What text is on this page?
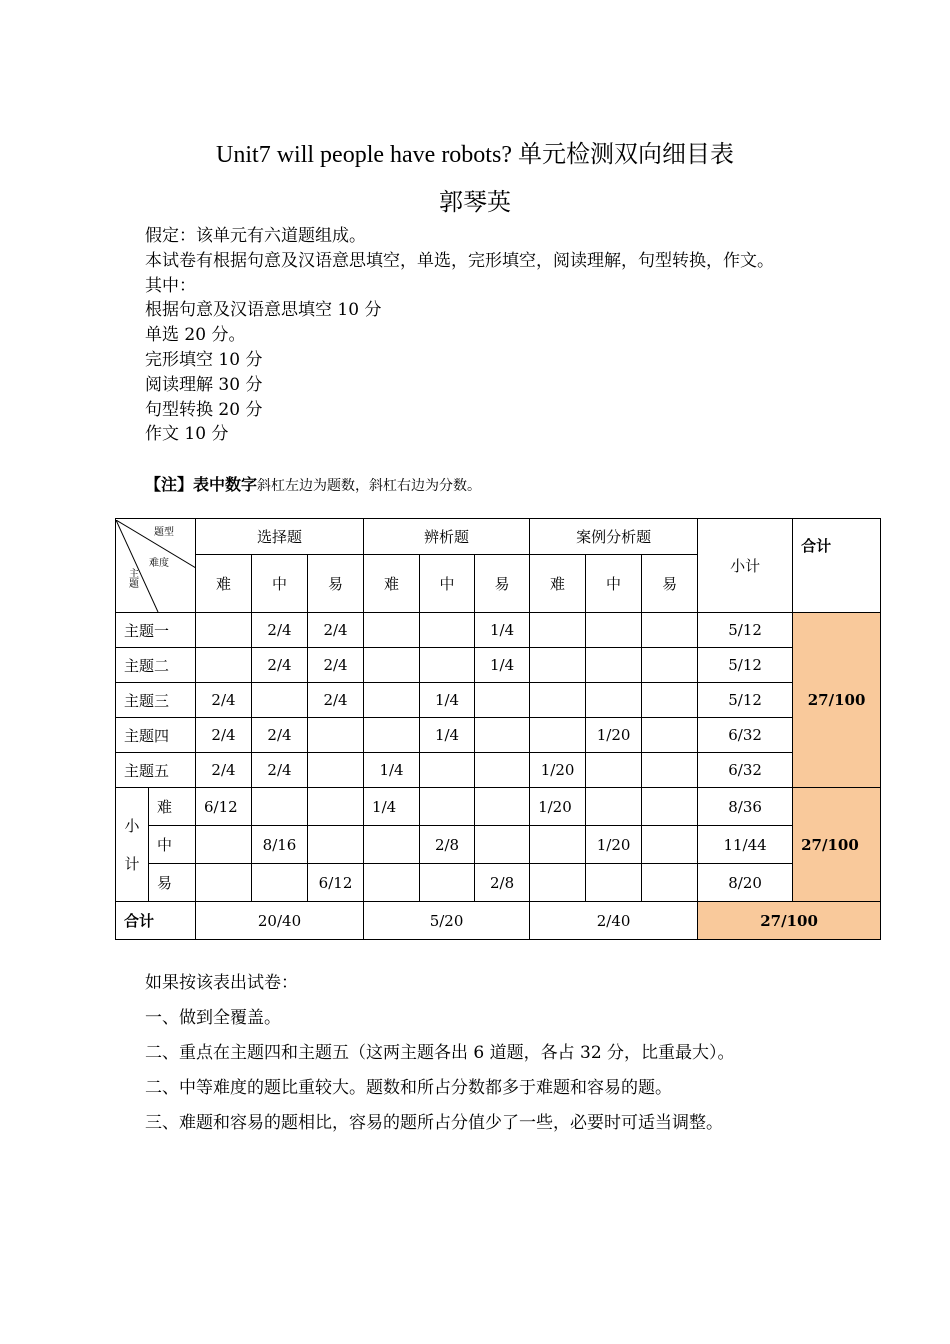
Unit7 will people have robots? 单元检测双向细目表
郭琴英
假定：该单元有六道题组成。
本试卷有根据句意及汉语意思填空，单选，完形填空，阅读理解，句型转换，作文。
其中：
根据句意及汉语意思填空 10 分
单选 20 分。
完形填空 10 分
阅读理解 30 分
句型转换 20 分
作文 10 分
【注】表中数字斜杠左边为题数，斜杠右边为分数。
题型
难度
主题		选择题			辨析题			案例分析题			小计	合计
		难	中	易	难	中	易	难	中	易		
主题一			2/4	2/4			1/4				5/12	27/100
主题二			2/4	2/4			1/4				5/12	
主题三		2/4		2/4		1/4					5/12	
主题四		2/4	2/4			1/4			1/20		6/32	
主题五		2/4	2/4		1/4			1/20			6/32	
小
计	难	6/12			1/4			1/20			8/36	27/100
	中		8/16			2/8			1/20		11/44	
	易			6/12			2/8				8/20	
合计		20/40			5/20			2/40			27/100	
如果按该表出试卷：
一、做到全覆盖。
二、重点在主题四和主题五（这两主题各出 6 道题，各占 32 分，比重最大）。
二、中等难度的题比重较大。题数和所占分数都多于难题和容易的题。
三、难题和容易的题相比，容易的题所占分值少了一些，必要时可适当调整。
